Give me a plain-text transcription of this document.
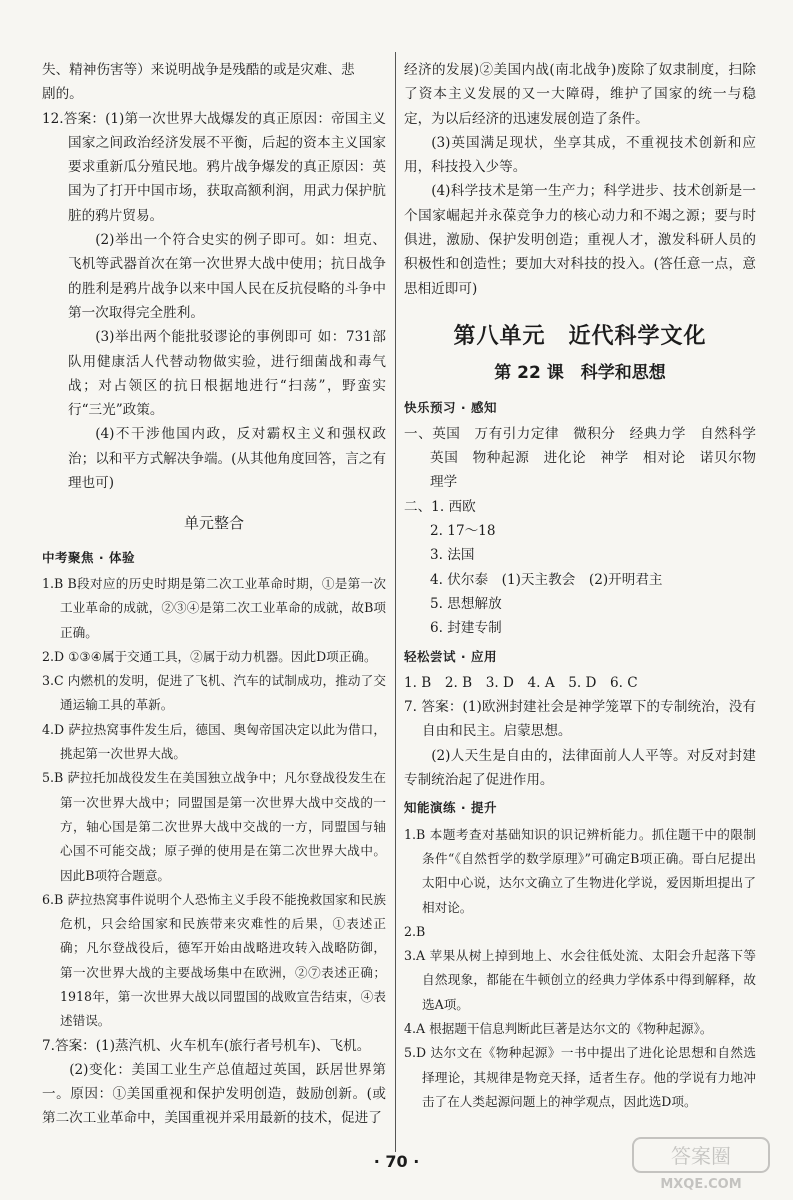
失、精神伤害等）来说明战争是残酷的或是灾难、悲

剧的。

12.答案：(1)第一次世界大战爆发的真正原因：帝国主义国家之间政治经济发展不平衡，后起的资本主义国家要求重新瓜分殖民地。鸦片战争爆发的真正原因：英国为了打开中国市场，获取高额利润，用武力保护肮脏的鸦片贸易。

(2)举出一个符合史实的例子即可。如：坦克、飞机等武器首次在第一次世界大战中使用；抗日战争的胜利是鸦片战争以来中国人民在反抗侵略的斗争中第一次取得完全胜利。

(3)举出两个能批驳谬论的事例即可 如：731部队用健康活人代替动物做实验，进行细菌战和毒气战；对占领区的抗日根据地进行“扫荡”，野蛮实行“三光”政策。

(4)不干涉他国内政，反对霸权主义和强权政治；以和平方式解决争端。(从其他角度回答，言之有理也可)

单元整合
中考聚焦 · 体验

1.B B段对应的历史时期是第二次工业革命时期，①是第一次工业革命的成就，②③④是第二次工业革命的成就，故B项正确。

2.D ①③④属于交通工具，②属于动力机器。因此D项正确。

3.C 内燃机的发明，促进了飞机、汽车的试制成功，推动了交通运输工具的革新。

4.D 萨拉热窝事件发生后，德国、奥匈帝国决定以此为借口，挑起第一次世界大战。

5.B 萨拉托加战役发生在美国独立战争中；凡尔登战役发生在第一次世界大战中；同盟国是第一次世界大战中交战的一方，轴心国是第二次世界大战中交战的一方，同盟国与轴心国不可能交战；原子弹的使用是在第二次世界大战中。因此B项符合题意。

6.B 萨拉热窝事件说明个人恐怖主义手段不能挽救国家和民族危机，只会给国家和民族带来灾难性的后果，①表述正确；凡尔登战役后，德军开始由战略进攻转入战略防御，第一次世界大战的主要战场集中在欧洲，②⑦表述正确；1918年，第一次世界大战以同盟国的战败宣告结束，④表述错误。

7.答案：(1)蒸汽机、火车机车(旅行者号机车)、飞机。

(2)变化：美国工业生产总值超过英国，跃居世界第一。原因：①美国重视和保护发明创造，鼓励创新。(或第二次工业革命中，美国重视并采用最新的技术，促进了

经济的发展)②美国内战(南北战争)废除了奴隶制度，扫除了资本主义发展的又一大障碍，维护了国家的统一与稳定，为以后经济的迅速发展创造了条件。

(3)英国满足现状，坐享其成，不重视技术创新和应用，科技投入少等。

(4)科学技术是第一生产力；科学进步、技术创新是一个国家崛起并永葆竞争力的核心动力和不竭之源；要与时俱进，激励、保护发明创造；重视人才，激发科研人员的积极性和创造性；要加大对科技的投入。(答任意一点，意思相近即可)

第八单元　近代科学文化
第 22 课　科学和思想
快乐预习 · 感知

一、英国　万有引力定律　微积分　经典力学　自然科学　英国　物种起源　进化论　神学　相对论　诺贝尔物理学

二、1. 西欧

2. 17～18

3. 法国

4. 伏尔泰　(1)天主教会　(2)开明君主

5. 思想解放

6. 封建专制

轻松尝试 · 应用

1. B　2. B　3. D　4. A　5. D　6. C

7. 答案：(1)欧洲封建社会是神学笼罩下的专制统治，没有自由和民主。启蒙思想。

(2)人天生是自由的，法律面前人人平等。对反对封建专制统治起了促进作用。

知能演练 · 提升

1.B 本题考查对基础知识的识记辨析能力。抓住题干中的限制条件“《自然哲学的数学原理》”可确定B项正确。哥白尼提出太阳中心说，达尔文确立了生物进化学说，爱因斯坦提出了相对论。

2.B

3.A 苹果从树上掉到地上、水会往低处流、太阳会升起落下等自然现象，都能在牛顿创立的经典力学体系中得到解释，故选A项。

4.A 根据题干信息判断此巨著是达尔文的《物种起源》。

5.D 达尔文在《物种起源》一书中提出了进化论思想和自然选择理论，其规律是物竞天择，适者生存。他的学说有力地冲击了在人类起源问题上的神学观点，因此选D项。

· 70 ·	答案圈
MXQE.COM
